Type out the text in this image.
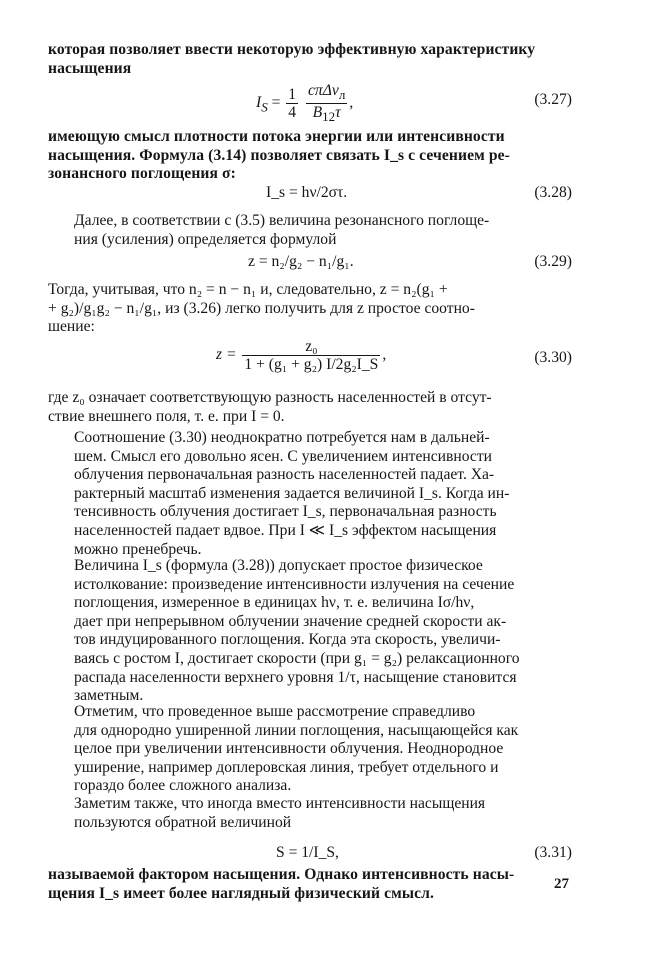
которая позволяет ввести некоторую эффективную характеристику
насыщения
$I_S = \frac{1}{4}$
$\frac{c\pi\Delta\nu_л}{B_{12}\tau}$ ,	(3.27)
имеющую смысл плотности потока энергии или интенсивности
насыщения. Формула (3.14) позволяет связать I_s с сечением ре-
зонансного поглощения σ:
I_s = hν/2στ.	(3.28)
Далее, в соответствии с (3.5) величина резонансного поглоще-
ния (усиления) определяется формулой
z = n₂/g₂ − n₁/g₁.	(3.29)
Тогда, учитывая, что n₂ = n − n₁ и, следовательно, z = n₂(g₁ +
+ g₂)/g₁g₂ − n₁/g₁, из (3.26) легко получить для z простое соотно-
шение:
$z = \frac{\text{z₀}}{\text{1 + (g₁ + g₂) I/2g₂I\_S}}$ ,	(3.30)
где z₀ означает соответствующую разность населенностей в отсут-
ствие внешнего поля, т. е. при I = 0.
Соотношение (3.30) неоднократно потребуется нам в дальней-
шем. Смысл его довольно ясен. С увеличением интенсивности
облучения первоначальная разность населенностей падает. Ха-
рактерный масштаб изменения задается величиной I_s. Когда ин-
тенсивность облучения достигает I_s, первоначальная разность
населенностей падает вдвое. При I ≪ I_s эффектом насыщения
можно пренебречь.
Величина I_s (формула (3.28)) допускает простое физическое
истолкование: произведение интенсивности излучения на сечение
поглощения, измеренное в единицах hν, т. е. величина Iσ/hν,
дает при непрерывном облучении значение средней скорости ак-
тов индуцированного поглощения. Когда эта скорость, увеличи-
ваясь с ростом I, достигает скорости (при g₁ = g₂) релаксационного
распада населенности верхнего уровня 1/τ, насыщение становится
заметным.
Отметим, что проведенное выше рассмотрение справедливо
для однородно уширенной линии поглощения, насыщающейся как
целое при увеличении интенсивности облучения. Неоднородное
уширение, например доплеровская линия, требует отдельного и
гораздо более сложного анализа.
Заметим также, что иногда вместо интенсивности насыщения
пользуются обратной величиной
S = 1/I_S,	(3.31)
называемой фактором насыщения. Однако интенсивность насы-
щения I_s имеет более наглядный физический смысл.
27
